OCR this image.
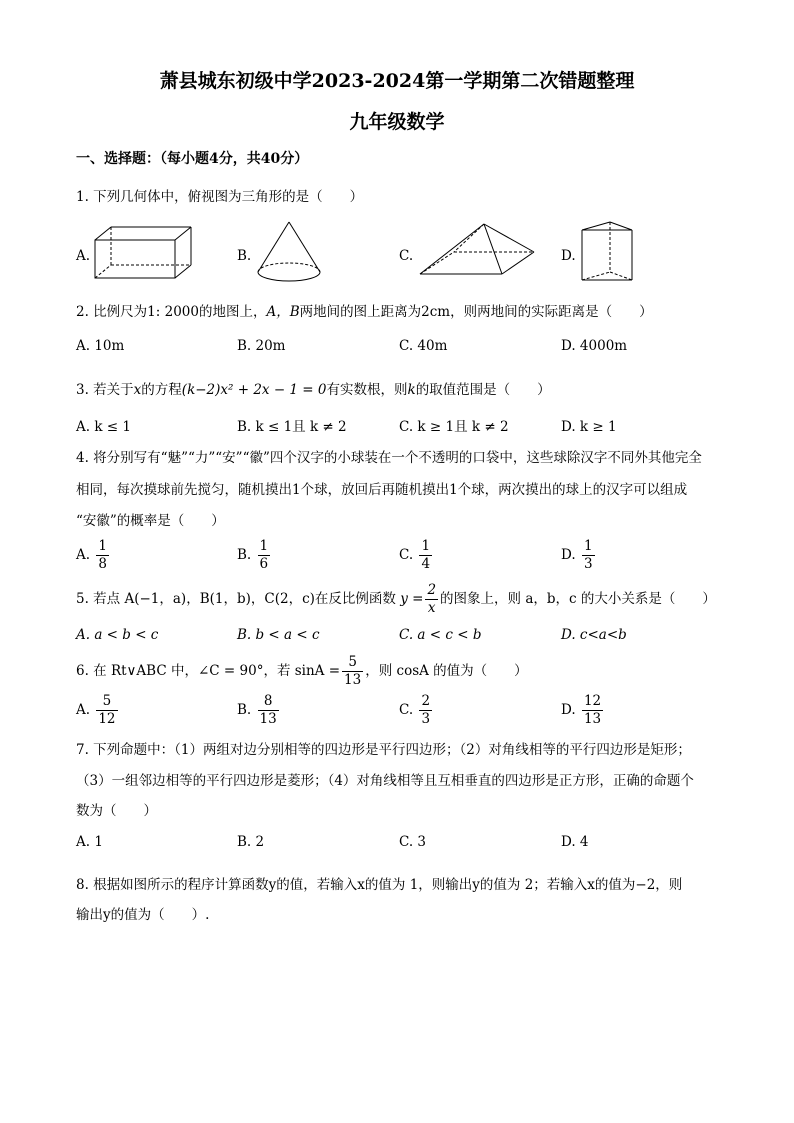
萧县城东初级中学2023-2024第一学期第二次错题整理
九年级数学
一、选择题：（每小题4分，共40分）
1. 下列几何体中，俯视图为三角形的是（　　）
A.	B.	C.	D.
2. 比例尺为1: 2000的地图上，A，B两地间的图上距离为2cm，则两地间的实际距离是（　　）
A. 10m	B. 20m	C. 40m	D. 4000m
3. 若关于x的方程(k−2)x² + 2x − 1 = 0有实数根，则k的取值范围是（　　）
A. k ≤ 1	B. k ≤ 1且 k ≠ 2	C. k ≥ 1且 k ≠ 2	D. k ≥ 1
4. 将分别写有“魅”“力”“安”“徽”四个汉字的小球装在一个不透明的口袋中，这些球除汉字不同外其他完全
相同，每次摸球前先搅匀，随机摸出1个球，放回后再随机摸出1个球，两次摸出的球上的汉字可以组成
“安徽”的概率是（　　）
A. $\frac{1}{8}$	B. $\frac{1}{6}$	C. $\frac{1}{4}$	D. $\frac{1}{3}$
5. 若点 A(−1，a)，B(1，b)，C(2，c)在反比例函数 $y = \frac{2}{x}$ 的图象上，则 a，b，c 的大小关系是（　　）
A. a < b < c	B. b < a < c	C. a < c < b	D. c<a<b
6. 在 Rt∨ABC 中，∠C = 90°，若 $\sin A = \frac{5}{13}$ ，则 cosA 的值为（　　）
A. $\frac{5}{12}$	B. $\frac{8}{13}$	C. $\frac{2}{3}$	D. $\frac{12}{13}$
7. 下列命题中：（1）两组对边分别相等的四边形是平行四边形；（2）对角线相等的平行四边形是矩形；
（3）一组邻边相等的平行四边形是菱形；（4）对角线相等且互相垂直的四边形是正方形，正确的命题个
数为（　　）
A. 1	B. 2	C. 3	D. 4
8. 根据如图所示的程序计算函数y的值，若输入x的值为 1，则输出y的值为 2；若输入x的值为−2，则
输出y的值为（　　）.
